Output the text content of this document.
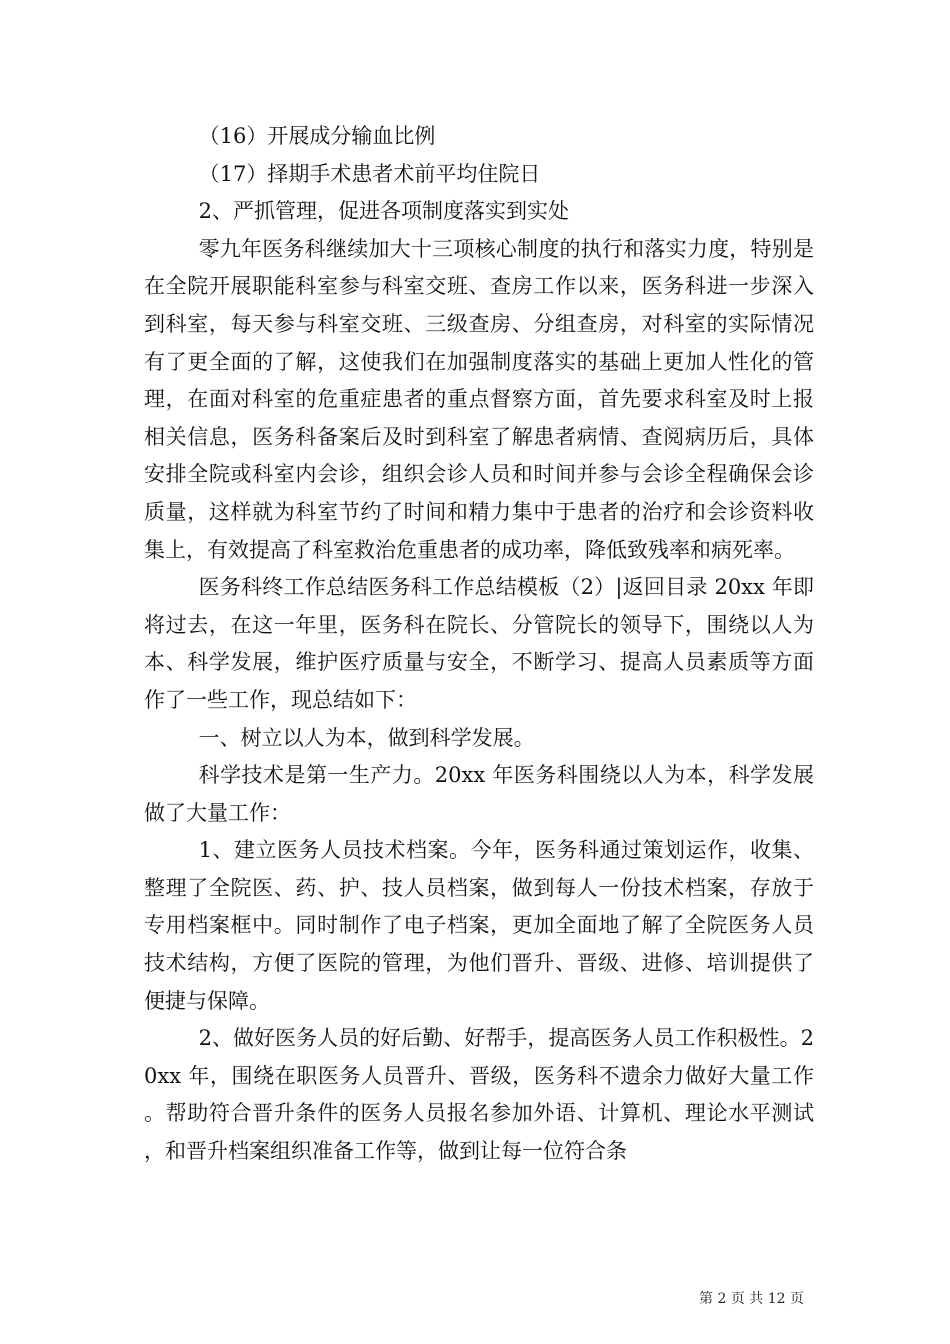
（16）开展成分输血比例

（17）择期手术患者术前平均住院日

2、严抓管理，促进各项制度落实到实处

零九年医务科继续加大十三项核心制度的执行和落实力度，特别是在全院开展职能科室参与科室交班、查房工作以来，医务科进一步深入到科室，每天参与科室交班、三级查房、分组查房，对科室的实际情况有了更全面的了解，这使我们在加强制度落实的基础上更加人性化的管理，在面对科室的危重症患者的重点督察方面，首先要求科室及时上报相关信息，医务科备案后及时到科室了解患者病情、查阅病历后，具体安排全院或科室内会诊，组织会诊人员和时间并参与会诊全程确保会诊质量，这样就为科室节约了时间和精力集中于患者的治疗和会诊资料收集上，有效提高了科室救治危重患者的成功率，降低致残率和病死率。

医务科终工作总结医务科工作总结模板（2）|返回目录 20xx 年即将过去，在这一年里，医务科在院长、分管院长的领导下，围绕以人为本、科学发展，维护医疗质量与安全，不断学习、提高人员素质等方面作了一些工作，现总结如下：

一、树立以人为本，做到科学发展。

科学技术是第一生产力。20xx 年医务科围绕以人为本，科学发展做了大量工作：

1、建立医务人员技术档案。今年，医务科通过策划运作，收集、整理了全院医、药、护、技人员档案，做到每人一份技术档案，存放于专用档案框中。同时制作了电子档案，更加全面地了解了全院医务人员技术结构，方便了医院的管理，为他们晋升、晋级、进修、培训提供了便捷与保障。

2、做好医务人员的好后勤、好帮手，提高医务人员工作积极性。20xx 年，围绕在职医务人员晋升、晋级，医务科不遗余力做好大量工作。帮助符合晋升条件的医务人员报名参加外语、计算机、理论水平测试，和晋升档案组织准备工作等，做到让每一位符合条

第 2 页 共 12 页
